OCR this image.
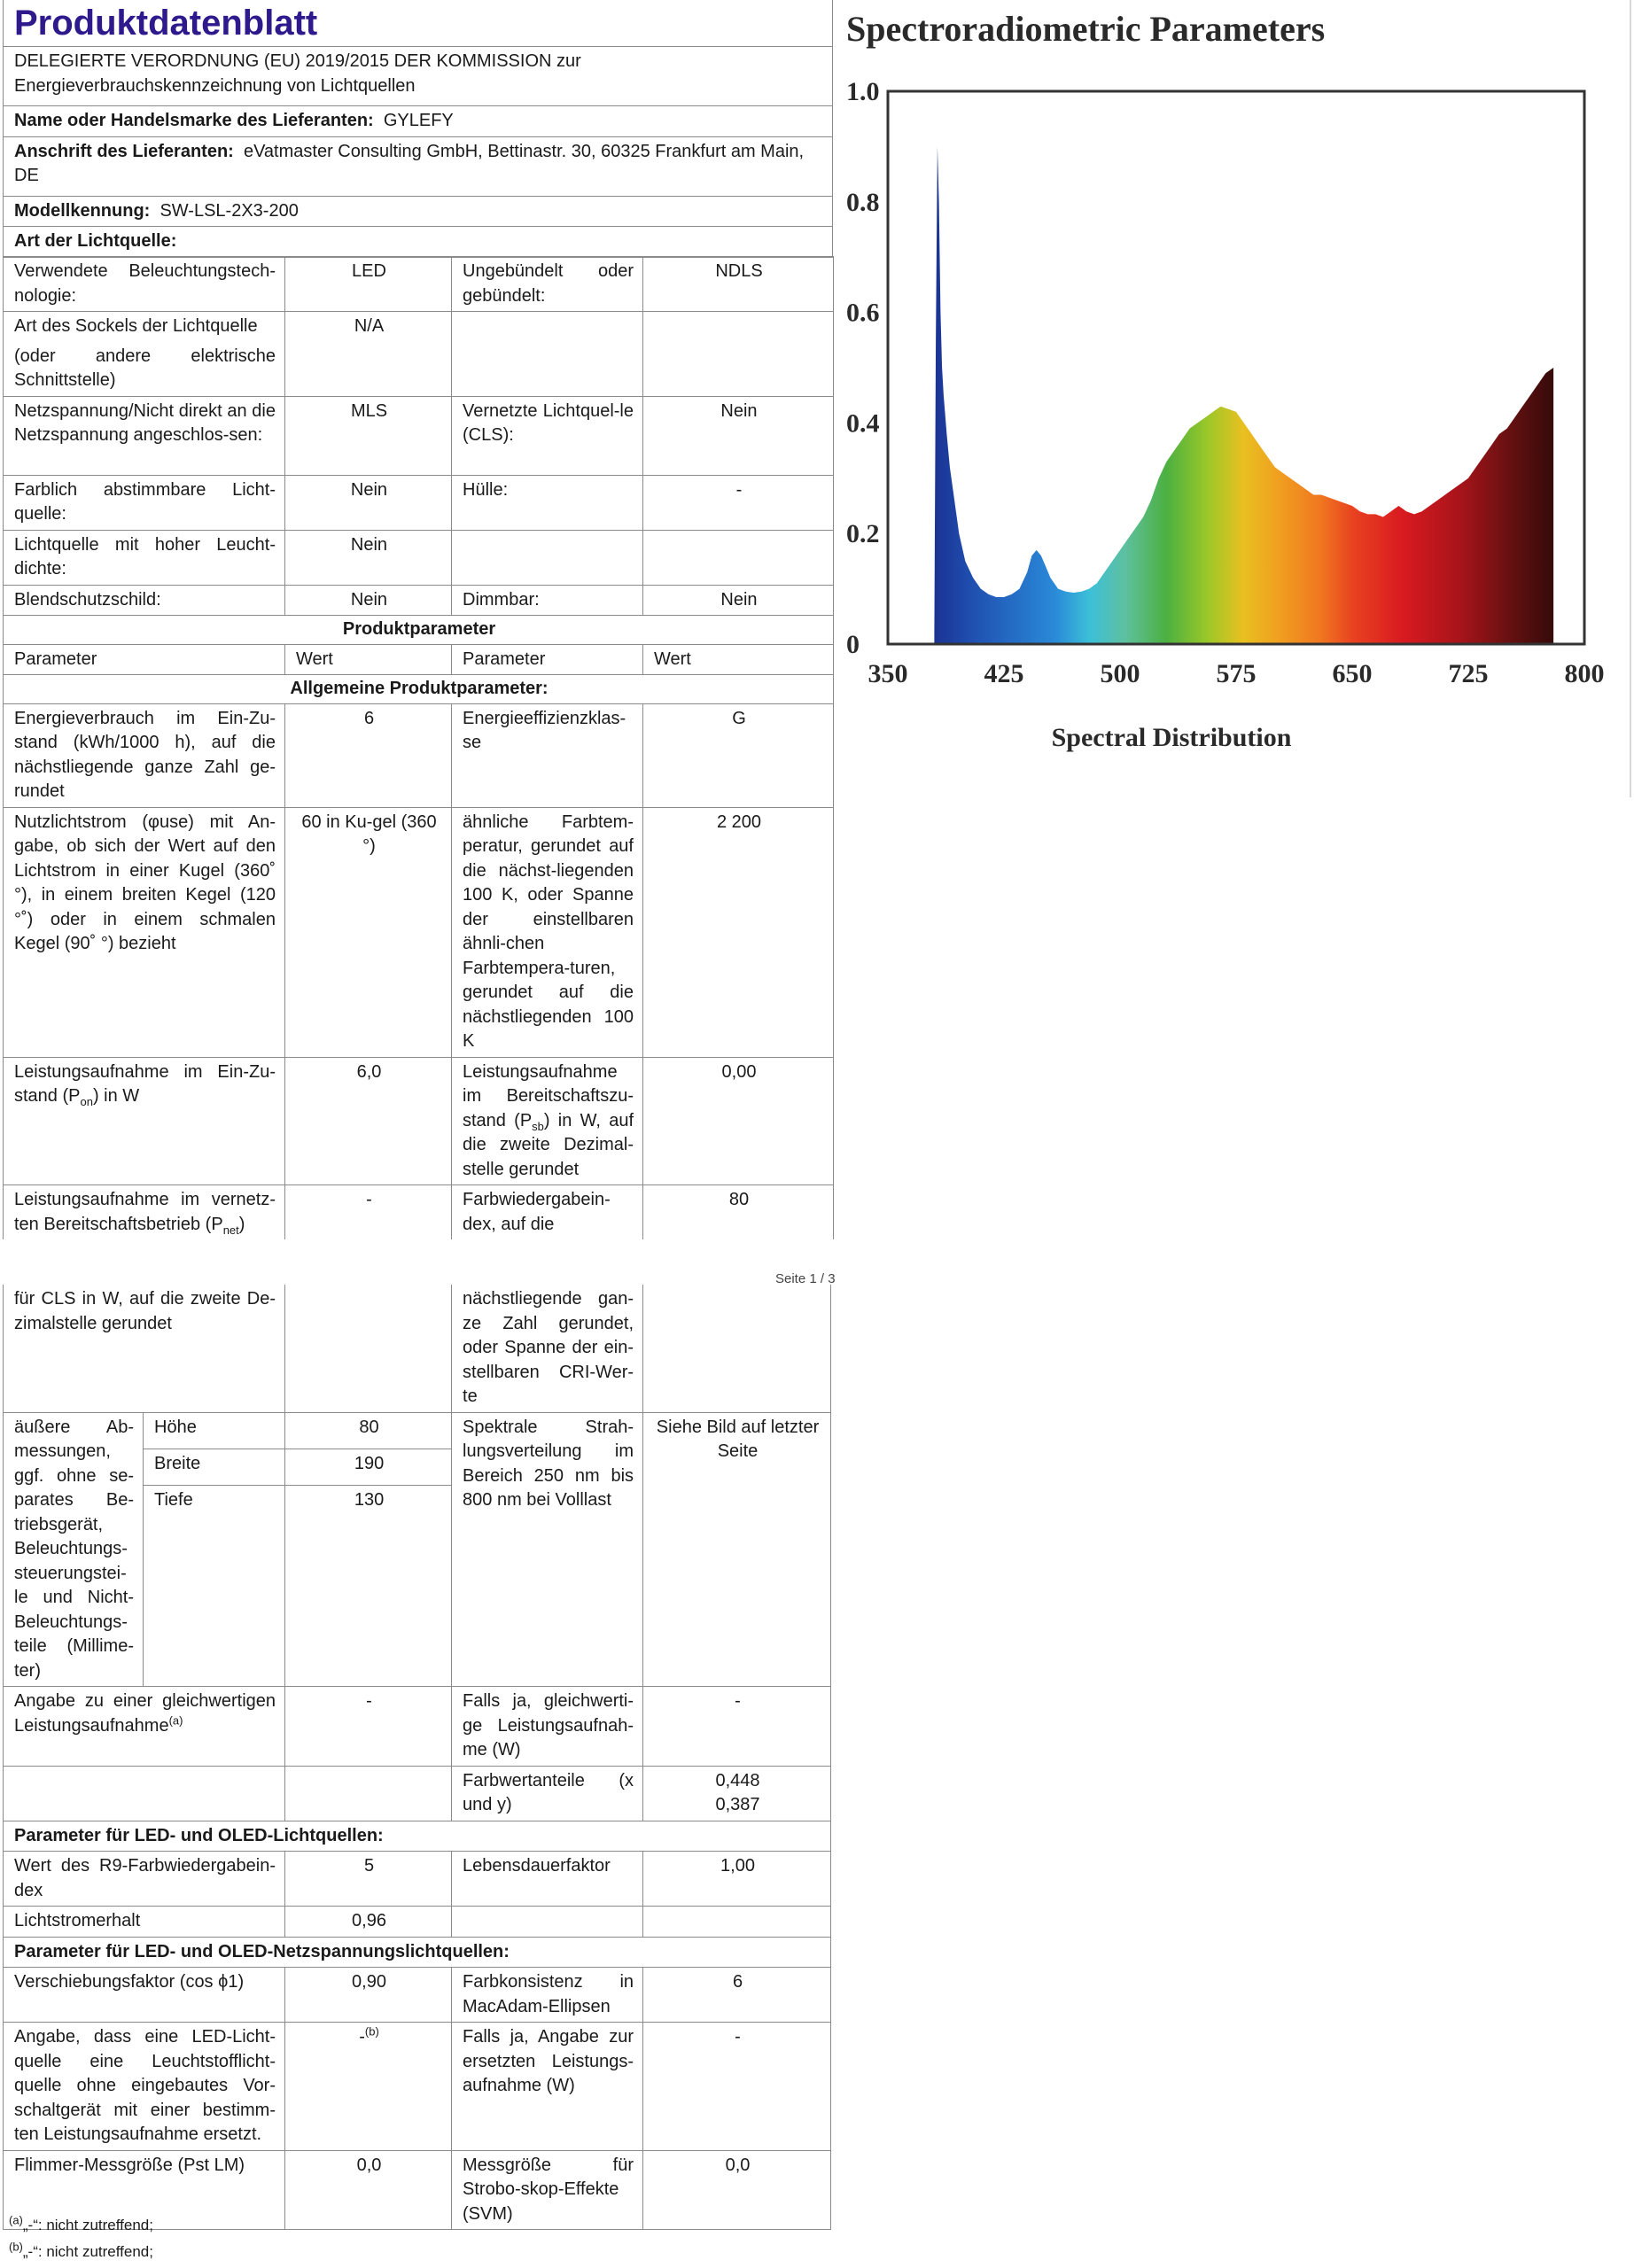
Produktdatenblatt

DELEGIERTE VERORDNUNG (EU) 2019/2015 DER KOMMISSION zur Energieverbrauchskennzeichnung von Lichtquellen
Name oder Handelsmarke des Lieferanten: GYLEFY
Anschrift des Lieferanten: eVatmaster Consulting GmbH, Bettinastr. 30, 60325 Frankfurt am Main, DE
Modellkennung: SW-LSL-2X3-200
Art der Lichtquelle:
Verwendete Beleuchtungstech-nologie:	LED	Ungebündelt oder gebündelt:	NDLS

Art des Sockels der Lichtquelle
(oder andere elektrische Schnittstelle)	N/A		
Netzspannung/Nicht direkt an die Netzspannung angeschlos-sen:	MLS	Vernetzte Lichtquel-le (CLS):	Nein
Farblich abstimmbare Licht-quelle:	Nein	Hülle:	-
Lichtquelle mit hoher Leucht-dichte:	Nein		
Blendschutzschild:	Nein	Dimmbar:	Nein
Produktparameter			
Parameter	Wert	Parameter	Wert
Allgemeine Produktparameter:			
Energieverbrauch im Ein-Zu-stand (kWh/1000 h), auf die nächstliegende ganze Zahl ge-rundet	6	Energieeffizienzklas-se	G
Nutzlichtstrom (φuse) mit An-gabe, ob sich der Wert auf den Lichtstrom in einer Kugel (360˚ °), in einem breiten Kegel (120 °˚) oder in einem schmalen Kegel (90˚ °) bezieht	60 in Ku-gel (360 °)	ähnliche Farbtem-peratur, gerundet auf die nächst-liegenden 100 K, oder Spanne der einstellbaren ähnli-chen Farbtempera-turen, gerundet auf die nächstliegenden 100 K	2 200
Leistungsaufnahme im Ein-Zu-stand $(P_{on})$ in W	6,0	Leistungsaufnahme im Bereitschaftszu-stand $(P_{sb})$ in W, auf die zweite Dezimal-stelle gerundet	0,00
Leistungsaufnahme im vernetz-ten Bereitschaftsbetrieb $(P_{net})$	-	Farbwiedergabein-dex, auf die	80
Seite 1 / 3
für CLS in W, auf die zweite De-zimalstelle gerundet			nächstliegende gan-ze Zahl gerundet, oder Spanne der ein-stellbaren CRI-Wer-te	
äußere Ab-messungen, ggf. ohne se-parates Be-triebsgerät, Beleuchtungs-steuerungstei-le und Nicht-Beleuchtungs-teile (Millime-ter)	Höhe	80	Spektrale Strah-lungsverteilung im Bereich 250 nm bis 800 nm bei Volllast	Siehe Bild auf letzter Seite
	Breite	190		
	Tiefe	130		
Angabe zu einer gleichwertigen Leistungsaufnahme$^{(a)}$		-	Falls ja, gleichwerti-ge Leistungsaufnah-me (W)	-
			Farbwertanteile (x und y)	0,448
0,387

Parameter für LED- und OLED-Lichtquellen:				
Wert des R9-Farbwiedergabein-dex		5	Lebensdauerfaktor	1,00
Lichtstromerhalt		0,96		
Parameter für LED- und OLED-Netzspannungslichtquellen:				
Verschiebungsfaktor (cos ϕ1)		0,90	Farbkonsistenz in MacAdam-Ellipsen	6
Angabe, dass eine LED-Licht-quelle eine Leuchtstofflicht-quelle ohne eingebautes Vor-schaltgerät mit einer bestimm-ten Leistungsaufnahme ersetzt.		-$^{(b)}$	Falls ja, Angabe zur ersetzten Leistungs-aufnahme (W)	-
Flimmer-Messgröße (Pst LM)		0,0	Messgröße für Strobo-skop-Effekte (SVM)	0,0
$^{(a)}$„-“: nicht zutreffend;
$^{(b)}$„-“: nicht zutreffend;
Spectroradiometric Parameters
0
0.2
0.4
0.6
0.8
1.0
350	425	500	575	650	725	800
Spectral Distribution
